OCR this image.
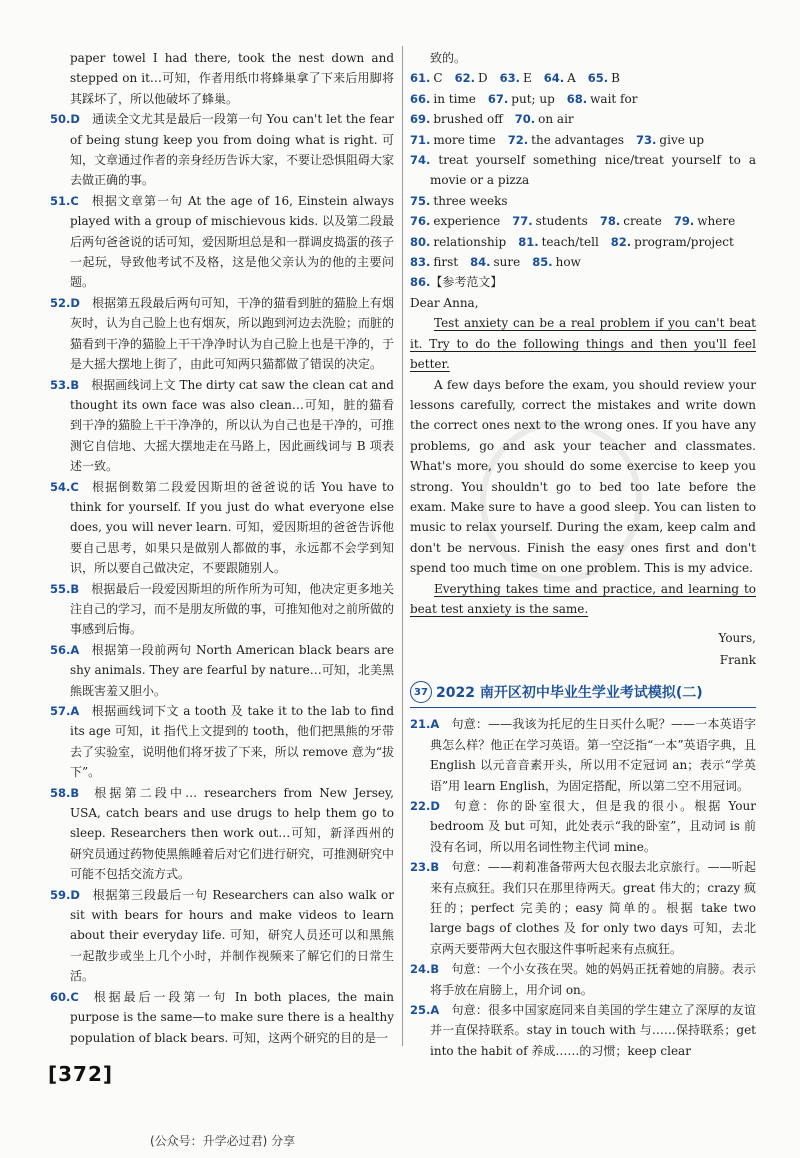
paper towel I had there, took the nest down and stepped on it…可知，作者用纸巾将蜂巢拿了下来后用脚将其踩坏了，所以他破坏了蜂巢。
50.D  通读全文尤其是最后一段第一句 You can't let the fear of being stung keep you from doing what is right. 可知，文章通过作者的亲身经历告诉大家，不要让恐惧阻碍大家去做正确的事。
51.C  根据文章第一句 At the age of 16, Einstein always played with a group of mischievous kids. 以及第二段最后两句爸爸说的话可知，爱因斯坦总是和一群调皮捣蛋的孩子一起玩，导致他考试不及格，这是他父亲认为的他的主要问题。
52.D  根据第五段最后两句可知，干净的猫看到脏的猫脸上有烟灰时，认为自己脸上也有烟灰，所以跑到河边去洗脸；而脏的猫看到干净的猫脸上干干净净时认为自己脸上也是干净的，于是大摇大摆地上街了，由此可知两只猫都做了错误的决定。
53.B  根据画线词上文 The dirty cat saw the clean cat and thought its own face was also clean…可知，脏的猫看到干净的猫脸上干干净净的，所以认为自己也是干净的，可推测它自信地、大摇大摆地走在马路上，因此画线词与 B 项表述一致。
54.C  根据倒数第二段爱因斯坦的爸爸说的话 You have to think for yourself. If you just do what everyone else does, you will never learn. 可知，爱因斯坦的爸爸告诉他要自己思考，如果只是做别人都做的事，永远都不会学到知识，所以要自己做决定，不要跟随别人。
55.B  根据最后一段爱因斯坦的所作所为可知，他决定更多地关注自己的学习，而不是朋友所做的事，可推知他对之前所做的事感到后悔。
56.A  根据第一段前两句 North American black bears are shy animals. They are fearful by nature…可知，北美黑熊既害羞又胆小。
57.A  根据画线词下文 a tooth 及 take it to the lab to find its age 可知，it 指代上文提到的 tooth，他们把黑熊的牙带去了实验室，说明他们将牙拔了下来，所以 remove 意为“拔下”。
58.B  根据第二段中… researchers from New Jersey, USA, catch bears and use drugs to help them go to sleep. Researchers then work out…可知，新泽西州的研究员通过药物使黑熊睡着后对它们进行研究，可推测研究中可能不包括交流方式。
59.D  根据第三段最后一句 Researchers can also walk or sit with bears for hours and make videos to learn about their everyday life. 可知，研究人员还可以和黑熊一起散步或坐上几个小时，并制作视频来了解它们的日常生活。
60.C  根据最后一段第一句 In both places, the main purpose is the same—to make sure there is a healthy population of black bears. 可知，这两个研究的目的是一
致的。
61. C 62. D 63. E 64. A 65. B
66. in time 67. put; up 68. wait for
69. brushed off 70. on air
71. more time 72. the advantages 73. give up
74. treat yourself something nice/treat yourself to a movie or a pizza
75. three weeks
76. experience 77. students 78. create 79. where
80. relationship 81. teach/tell 82. program/project
83. first 84. sure 85. how
86.【参考范文】
Dear Anna,

Test anxiety can be a real problem if you can't beat it. Try to do the following things and then you'll feel better.

A few days before the exam, you should review your lessons carefully, correct the mistakes and write down the correct ones next to the wrong ones. If you have any problems, go and ask your teacher and classmates. What's more, you should do some exercise to keep you strong. You shouldn't go to bed too late before the exam. Make sure to have a good sleep. You can listen to music to relax yourself. During the exam, keep calm and don't be nervous. Finish the easy ones first and don't spend too much time on one problem. This is my advice.

Everything takes time and practice, and learning to beat test anxiety is the same.

Yours,
Frank
37 2022 南开区初中毕业生学业考试模拟(二)
21.A  句意：——我该为托尼的生日买什么呢？——一本英语字典怎么样？他正在学习英语。第一空泛指“一本”英语字典，且 English 以元音音素开头，所以用不定冠词 an；表示“学英语”用 learn English，为固定搭配，所以第二空不用冠词。
22.D  句意：你的卧室很大，但是我的很小。根据 Your bedroom 及 but 可知，此处表示“我的卧室”，且动词 is 前没有名词，所以用名词性物主代词 mine。
23.B  句意：——莉莉准备带两大包衣服去北京旅行。——听起来有点疯狂。我们只在那里待两天。great 伟大的；crazy 疯狂的；perfect 完美的；easy 简单的。根据 take two large bags of clothes 及 for only two days 可知，去北京两天要带两大包衣服这件事听起来有点疯狂。
24.B  句意：一个小女孩在哭。她的妈妈正抚着她的肩膀。表示将手放在肩膀上，用介词 on。
25.A  句意：很多中国家庭同来自美国的学生建立了深厚的友谊并一直保持联系。stay in touch with 与……保持联系；get into the habit of 养成……的习惯；keep clear
[372]
(公众号：升学必过君) 分享
